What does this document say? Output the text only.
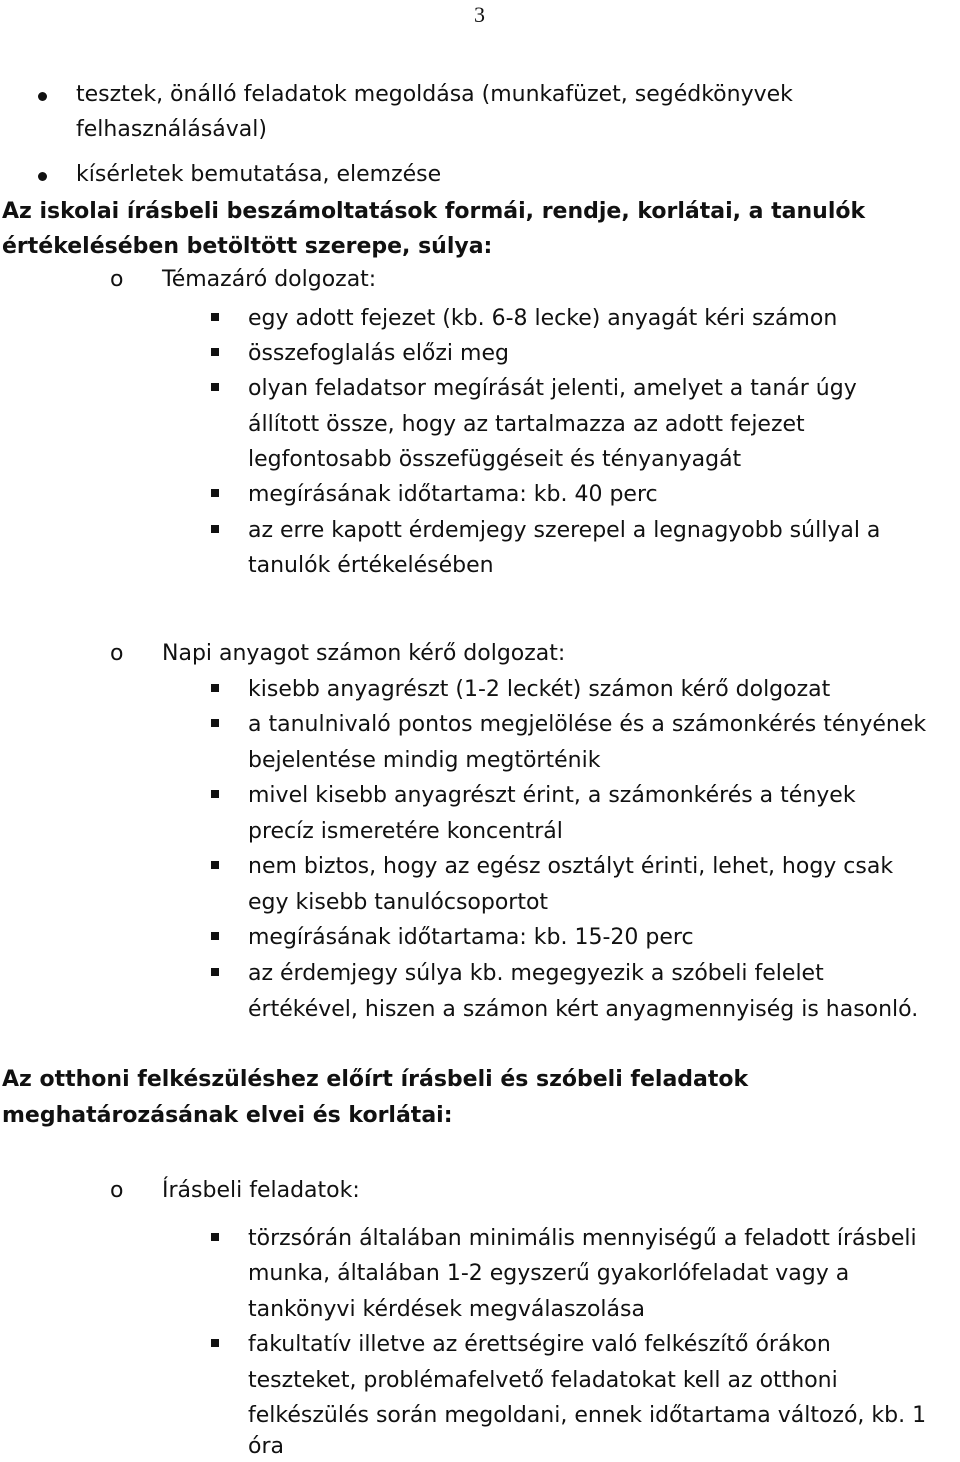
3
tesztek, önálló feladatok megoldása (munkafüzet, segédkönyvek
felhasználásával)
kísérletek bemutatása, elemzése
Az iskolai írásbeli beszámoltatások formái, rendje, korlátai, a tanulók
értékelésében betöltött szerepe, súlya:
o Témazáró dolgozat:
egy adott fejezet (kb. 6-8 lecke) anyagát kéri számon
összefoglalás előzi meg
olyan feladatsor megírását jelenti, amelyet a tanár úgy
állított össze, hogy az tartalmazza az adott fejezet
legfontosabb összefüggéseit és tényanyagát
megírásának időtartama: kb. 40 perc
az erre kapott érdemjegy szerepel a legnagyobb súllyal a
tanulók értékelésében
o Napi anyagot számon kérő dolgozat:
kisebb anyagrészt (1-2 leckét) számon kérő dolgozat
a tanulnivaló pontos megjelölése és a számonkérés tényének
bejelentése mindig megtörténik
mivel kisebb anyagrészt érint, a számonkérés a tények
precíz ismeretére koncentrál
nem biztos, hogy az egész osztályt érinti, lehet, hogy csak
egy kisebb tanulócsoportot
megírásának időtartama: kb. 15-20 perc
az érdemjegy súlya kb. megegyezik a szóbeli felelet
értékével, hiszen a számon kért anyagmennyiség is hasonló.
Az otthoni felkészüléshez előírt írásbeli és szóbeli feladatok
meghatározásának elvei és korlátai:
o Írásbeli feladatok:
törzsórán általában minimális mennyiségű a feladott írásbeli
munka, általában 1-2 egyszerű gyakorlófeladat vagy a
tankönyvi kérdések megválaszolása
fakultatív illetve az érettségire való felkészítő órákon
teszteket, problémafelvető feladatokat kell az otthoni
felkészülés során megoldani, ennek időtartama változó, kb. 1
óra
